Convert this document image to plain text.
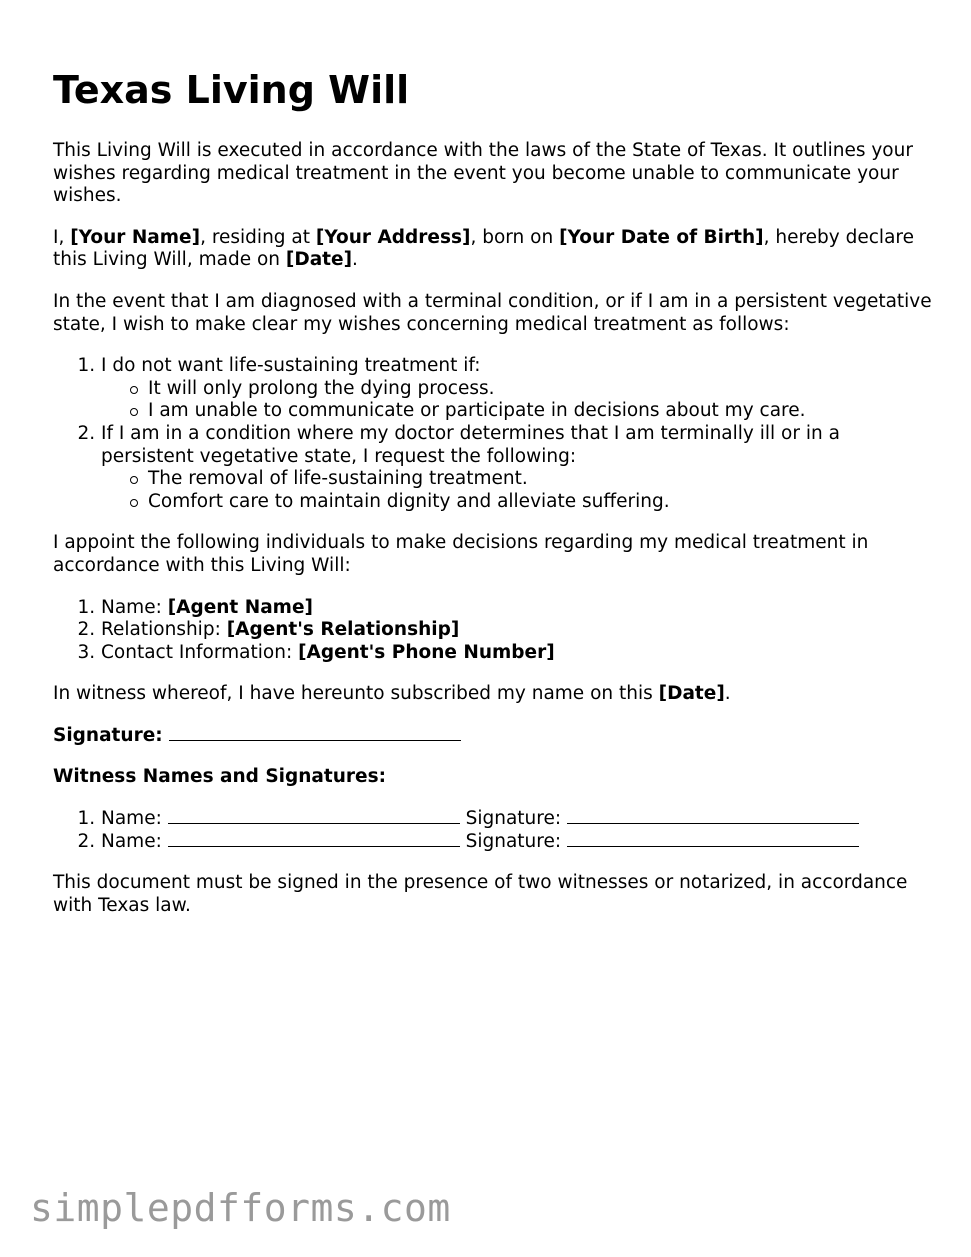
Texas Living Will

This Living Will is executed in accordance with the laws of the State of Texas. It outlines your wishes regarding medical treatment in the event you become unable to communicate your wishes.

I, [Your Name], residing at [Your Address], born on [Your Date of Birth], hereby declare this Living Will, made on [Date].

In the event that I am diagnosed with a terminal condition, or if I am in a persistent vegetative state, I wish to make clear my wishes concerning medical treatment as follows:

1. I do not want life-sustaining treatment if:
It will only prolong the dying process.
I am unable to communicate or participate in decisions about my care.
2. If I am in a condition where my doctor determines that I am terminally ill or in a persistent vegetative state, I request the following:
The removal of life-sustaining treatment.
Comfort care to maintain dignity and alleviate suffering.

I appoint the following individuals to make decisions regarding my medical treatment in accordance with this Living Will:

1. Name: [Agent Name]
2. Relationship: [Agent's Relationship]
3. Contact Information: [Agent's Phone Number]

In witness whereof, I have hereunto subscribed my name on this [Date].

Signature:

Witness Names and Signatures:

1. Name:	Signature:
2. Name:	Signature:

This document must be signed in the presence of two witnesses or notarized, in accordance with Texas law.

simplepdfforms.com
